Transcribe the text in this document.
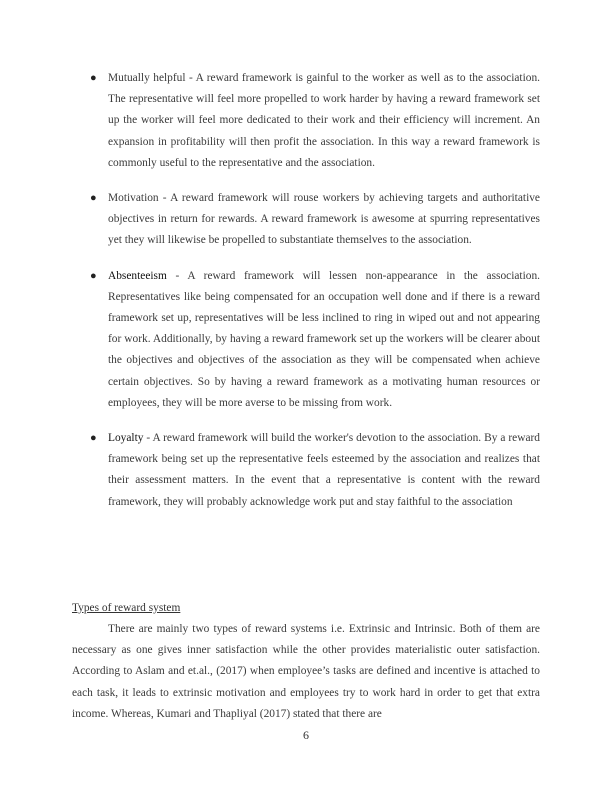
● Mutually helpful - A reward framework is gainful to the worker as well as to the association. The representative will feel more propelled to work harder by having a reward framework set up the worker will feel more dedicated to their work and their efficiency will increment. An expansion in profitability will then profit the association. In this way a reward framework is commonly useful to the representative and the association.
● Motivation - A reward framework will rouse workers by achieving targets and authoritative objectives in return for rewards. A reward framework is awesome at spurring representatives yet they will likewise be propelled to substantiate themselves to the association.
● Absenteeism - A reward framework will lessen non-appearance in the association. Representatives like being compensated for an occupation well done and if there is a reward framework set up, representatives will be less inclined to ring in wiped out and not appearing for work. Additionally, by having a reward framework set up the workers will be clearer about the objectives and objectives of the association as they will be compensated when achieve certain objectives. So by having a reward framework as a motivating human resources or employees, they will be more averse to be missing from work.
● Loyalty - A reward framework will build the worker's devotion to the association. By a reward framework being set up the representative feels esteemed by the association and realizes that their assessment matters. In the event that a representative is content with the reward framework, they will probably acknowledge work put and stay faithful to the association
Types of reward system

There are mainly two types of reward systems i.e. Extrinsic and Intrinsic. Both of them are necessary as one gives inner satisfaction while the other provides materialistic outer satisfaction. According to Aslam and et.al., (2017) when employee’s tasks are defined and incentive is attached to each task, it leads to extrinsic motivation and employees try to work hard in order to get that extra income. Whereas, Kumari and Thapliyal (2017) stated that there are

6
